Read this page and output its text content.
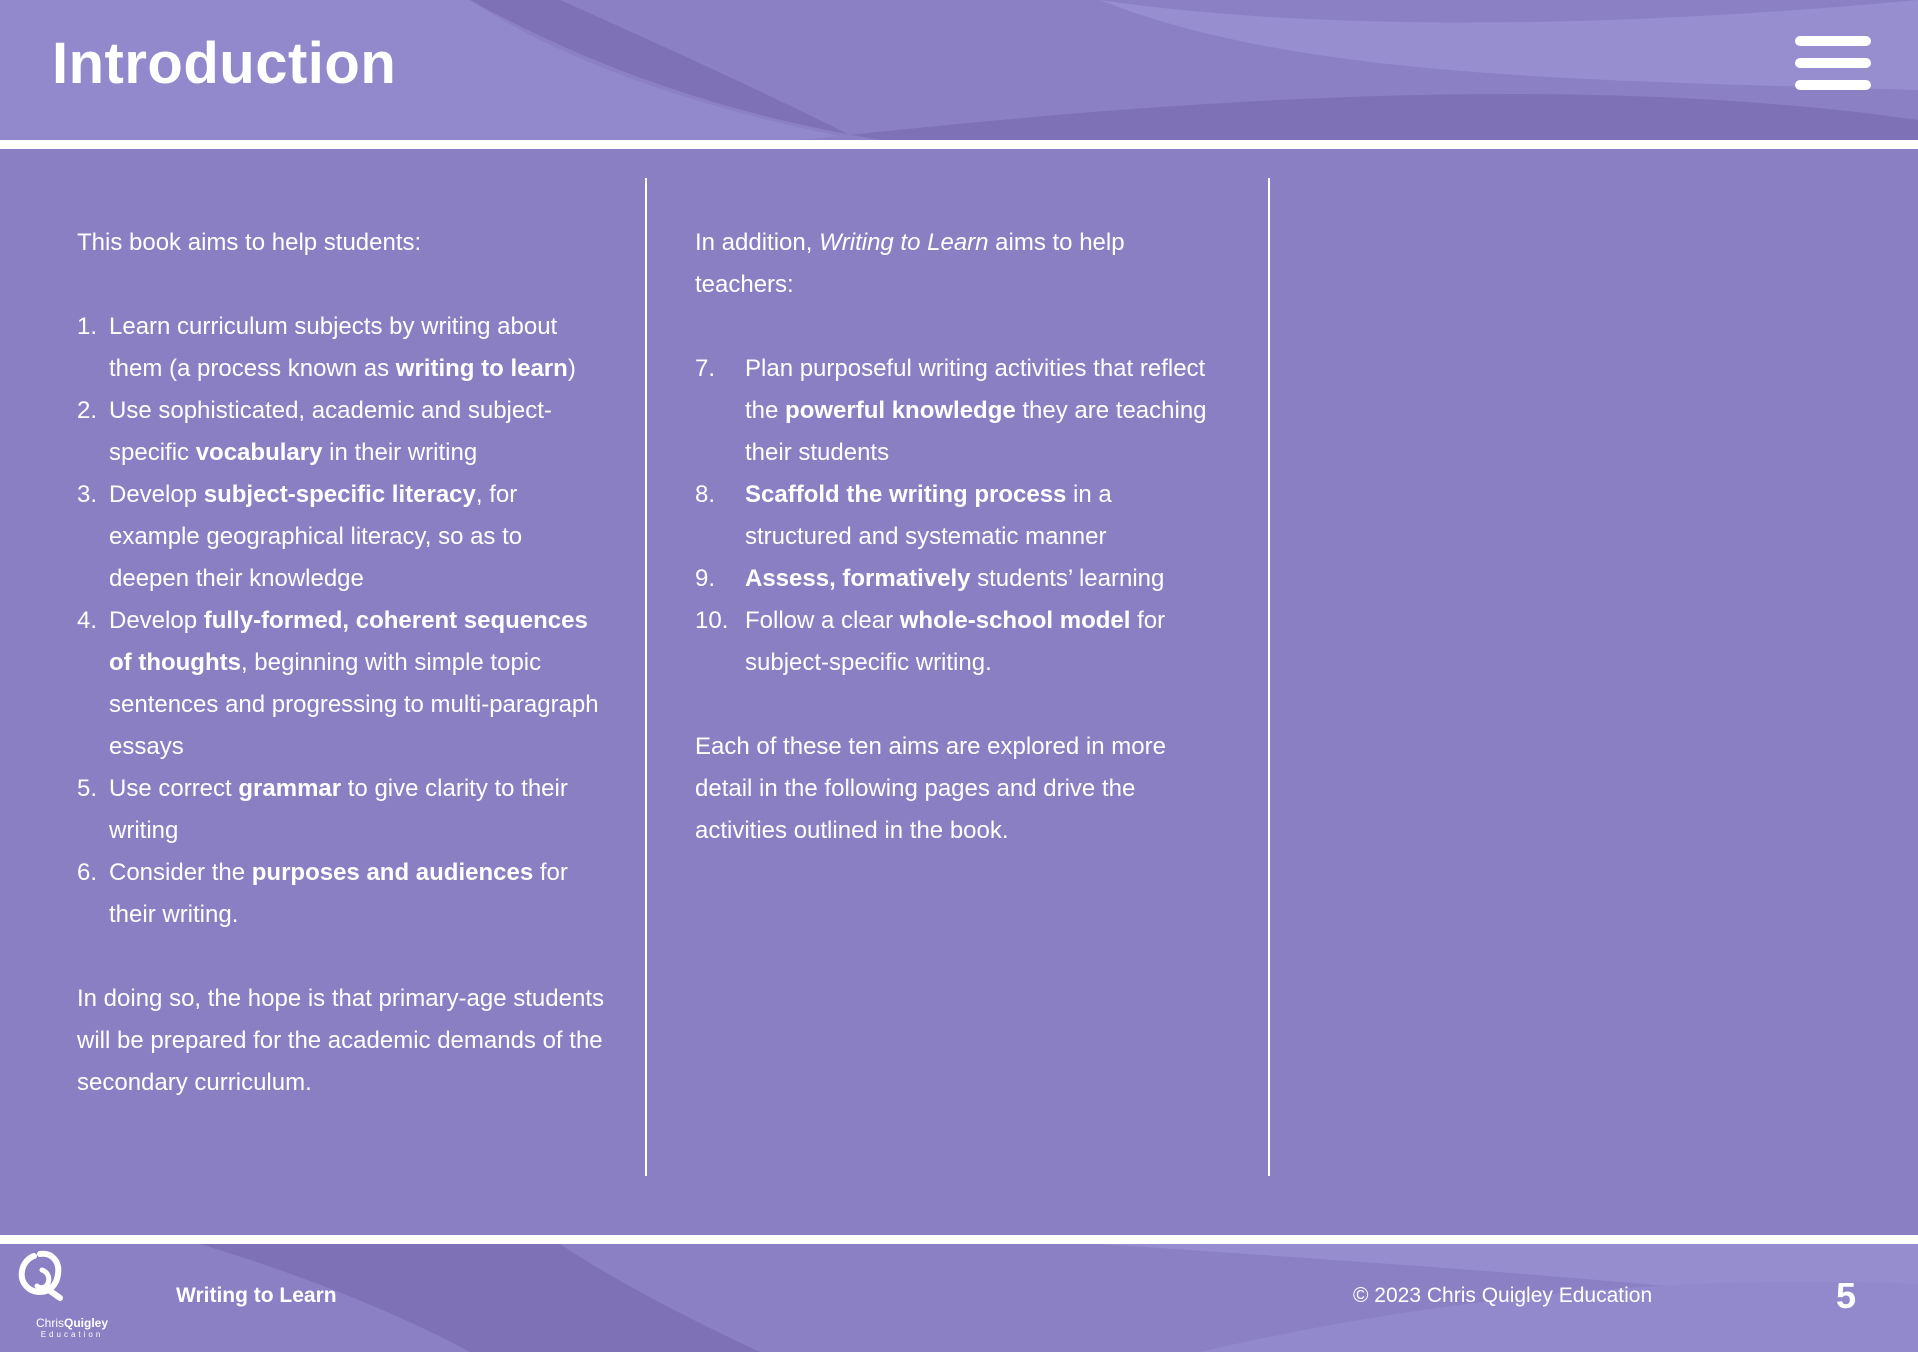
Introduction

This book aims to help students:

1. Learn curriculum subjects by writing about them (a process known as writing to learn)
2. Use sophisticated, academic and subject-specific vocabulary in their writing
3. Develop subject-specific literacy, for example geographical literacy, so as to deepen their knowledge
4. Develop fully-formed, coherent sequences of thoughts, beginning with simple topic sentences and progressing to multi-paragraph essays
5. Use correct grammar to give clarity to their writing
6. Consider the purposes and audiences for their writing.

In doing so, the hope is that primary-age students will be prepared for the academic demands of the secondary curriculum.

In addition, Writing to Learn aims to help teachers:

7. Plan purposeful writing activities that reflect the powerful knowledge they are teaching their students
8. Scaffold the writing process in a structured and systematic manner
9. Assess, formatively students’ learning
10. Follow a clear whole-school model for subject-specific writing.

Each of these ten aims are explored in more detail in the following pages and drive the activities outlined in the book.

ChrisQuigley
Education
Writing to Learn	© 2023 Chris Quigley Education	5
